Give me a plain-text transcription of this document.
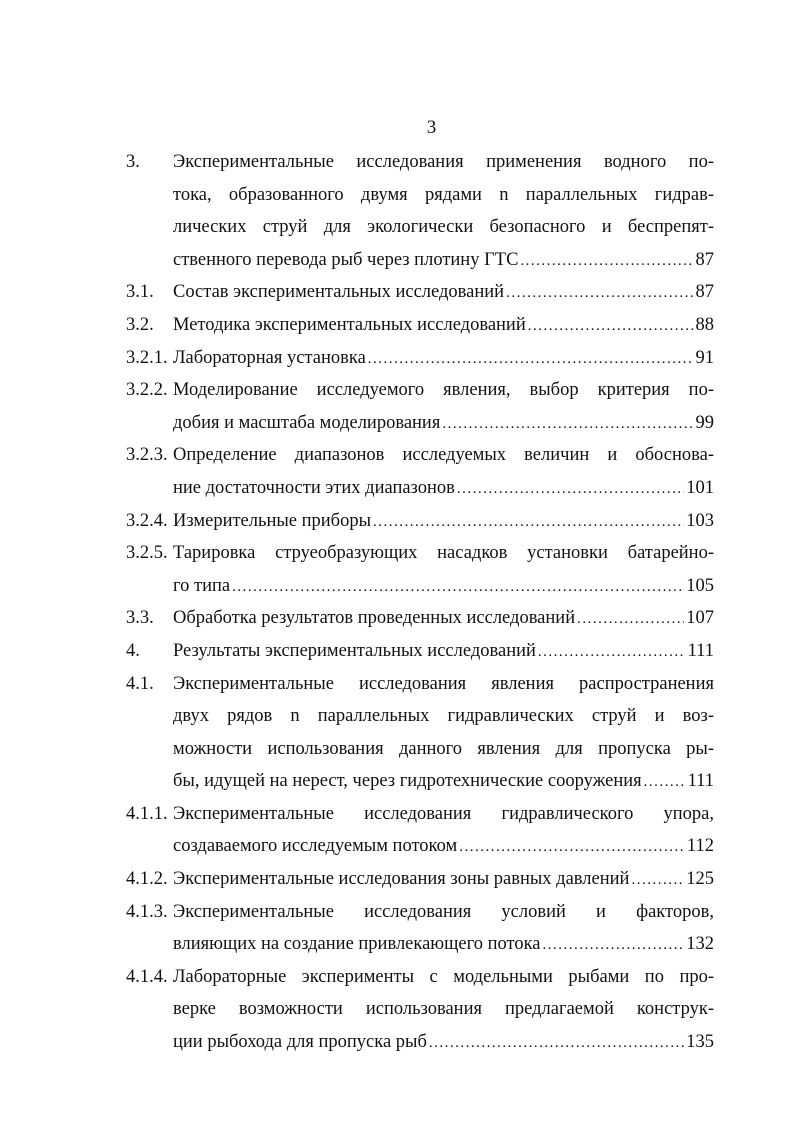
3
3.	Экспериментальные исследования применения водного по-
тока, образованного двумя рядами n параллельных гидрав-
лических струй для экологически безопасного и беспрепят-
ственного перевода рыб через плотину ГТС .....	87
3.1.	Состав экспериментальных исследований .....	87
3.2.	Методика экспериментальных исследований .....	88
3.2.1. Лабораторная установка .....	91
3.2.2. Моделирование исследуемого явления, выбор критерия по-
добия и масштаба моделирования .....	99
3.2.3. Определение диапазонов исследуемых величин и обоснова-
ние достаточности этих диапазонов .....	101
3.2.4. Измерительные приборы .....	103
3.2.5. Тарировка струеобразующих насадков установки батарейно-
го типа .....	105
3.3.	Обработка результатов проведенных исследований .....	107
4.	Результаты экспериментальных исследований .....	111
4.1.	Экспериментальные исследования явления распространения
двух рядов n параллельных гидравлических струй и воз-
можности использования данного явления для пропуска ры-
бы, идущей на нерест, через гидротехнические сооружения ..... 111
4.1.1. Экспериментальные исследования гидравлического упора,
создаваемого исследуемым потоком .....	112
4.1.2. Экспериментальные исследования зоны равных давлений .....	125
4.1.3. Экспериментальные исследования условий и факторов,
влияющих на создание привлекающего потока .....	132
4.1.4. Лабораторные эксперименты с модельными рыбами по про-
верке возможности использования предлагаемой конструк-
ции рыбохода для пропуска рыб .....	135
